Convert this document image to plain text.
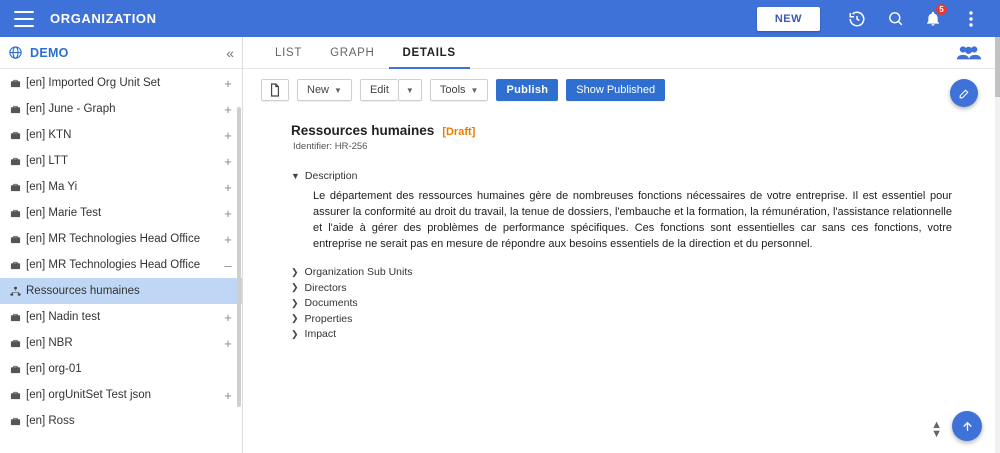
ORGANIZATION	NEW
5
DEMO	«
[en] Imported Org Unit Set	+
[en] June - Graph	+
[en] KTN	+
[en] LTT	+
[en] Ma Yi	+
[en] Marie Test	+
[en] MR Technologies Head Office	+
[en] MR Technologies Head Office	–
Ressources humaines
[en] Nadin test	+
[en] NBR	+
[en] org-01
[en] orgUnitSet Test json	+
[en] Ross
LIST	GRAPH	DETAILS
New ▼	Edit ▼ Tools ▼	Publish	Show Published
Ressources humaines [Draft]
Identifier: HR-256
▼ Description
Le département des ressources humaines gère de nombreuses fonctions nécessaires de votre entreprise. Il est essentiel pour assurer la conformité au droit du travail, la tenue de dossiers, l'embauche et la formation, la rémunération, l'assistance relationnelle et l'aide à gérer des problèmes de performance spécifiques. Ces fonctions sont essentielles car sans ces fonctions, votre entreprise ne serait pas en mesure de répondre aux besoins essentiels de la direction et du personnel.
❯ Organization Sub Units
❯ Directors
❯ Documents
❯ Properties
❯ Impact
▲
▼
